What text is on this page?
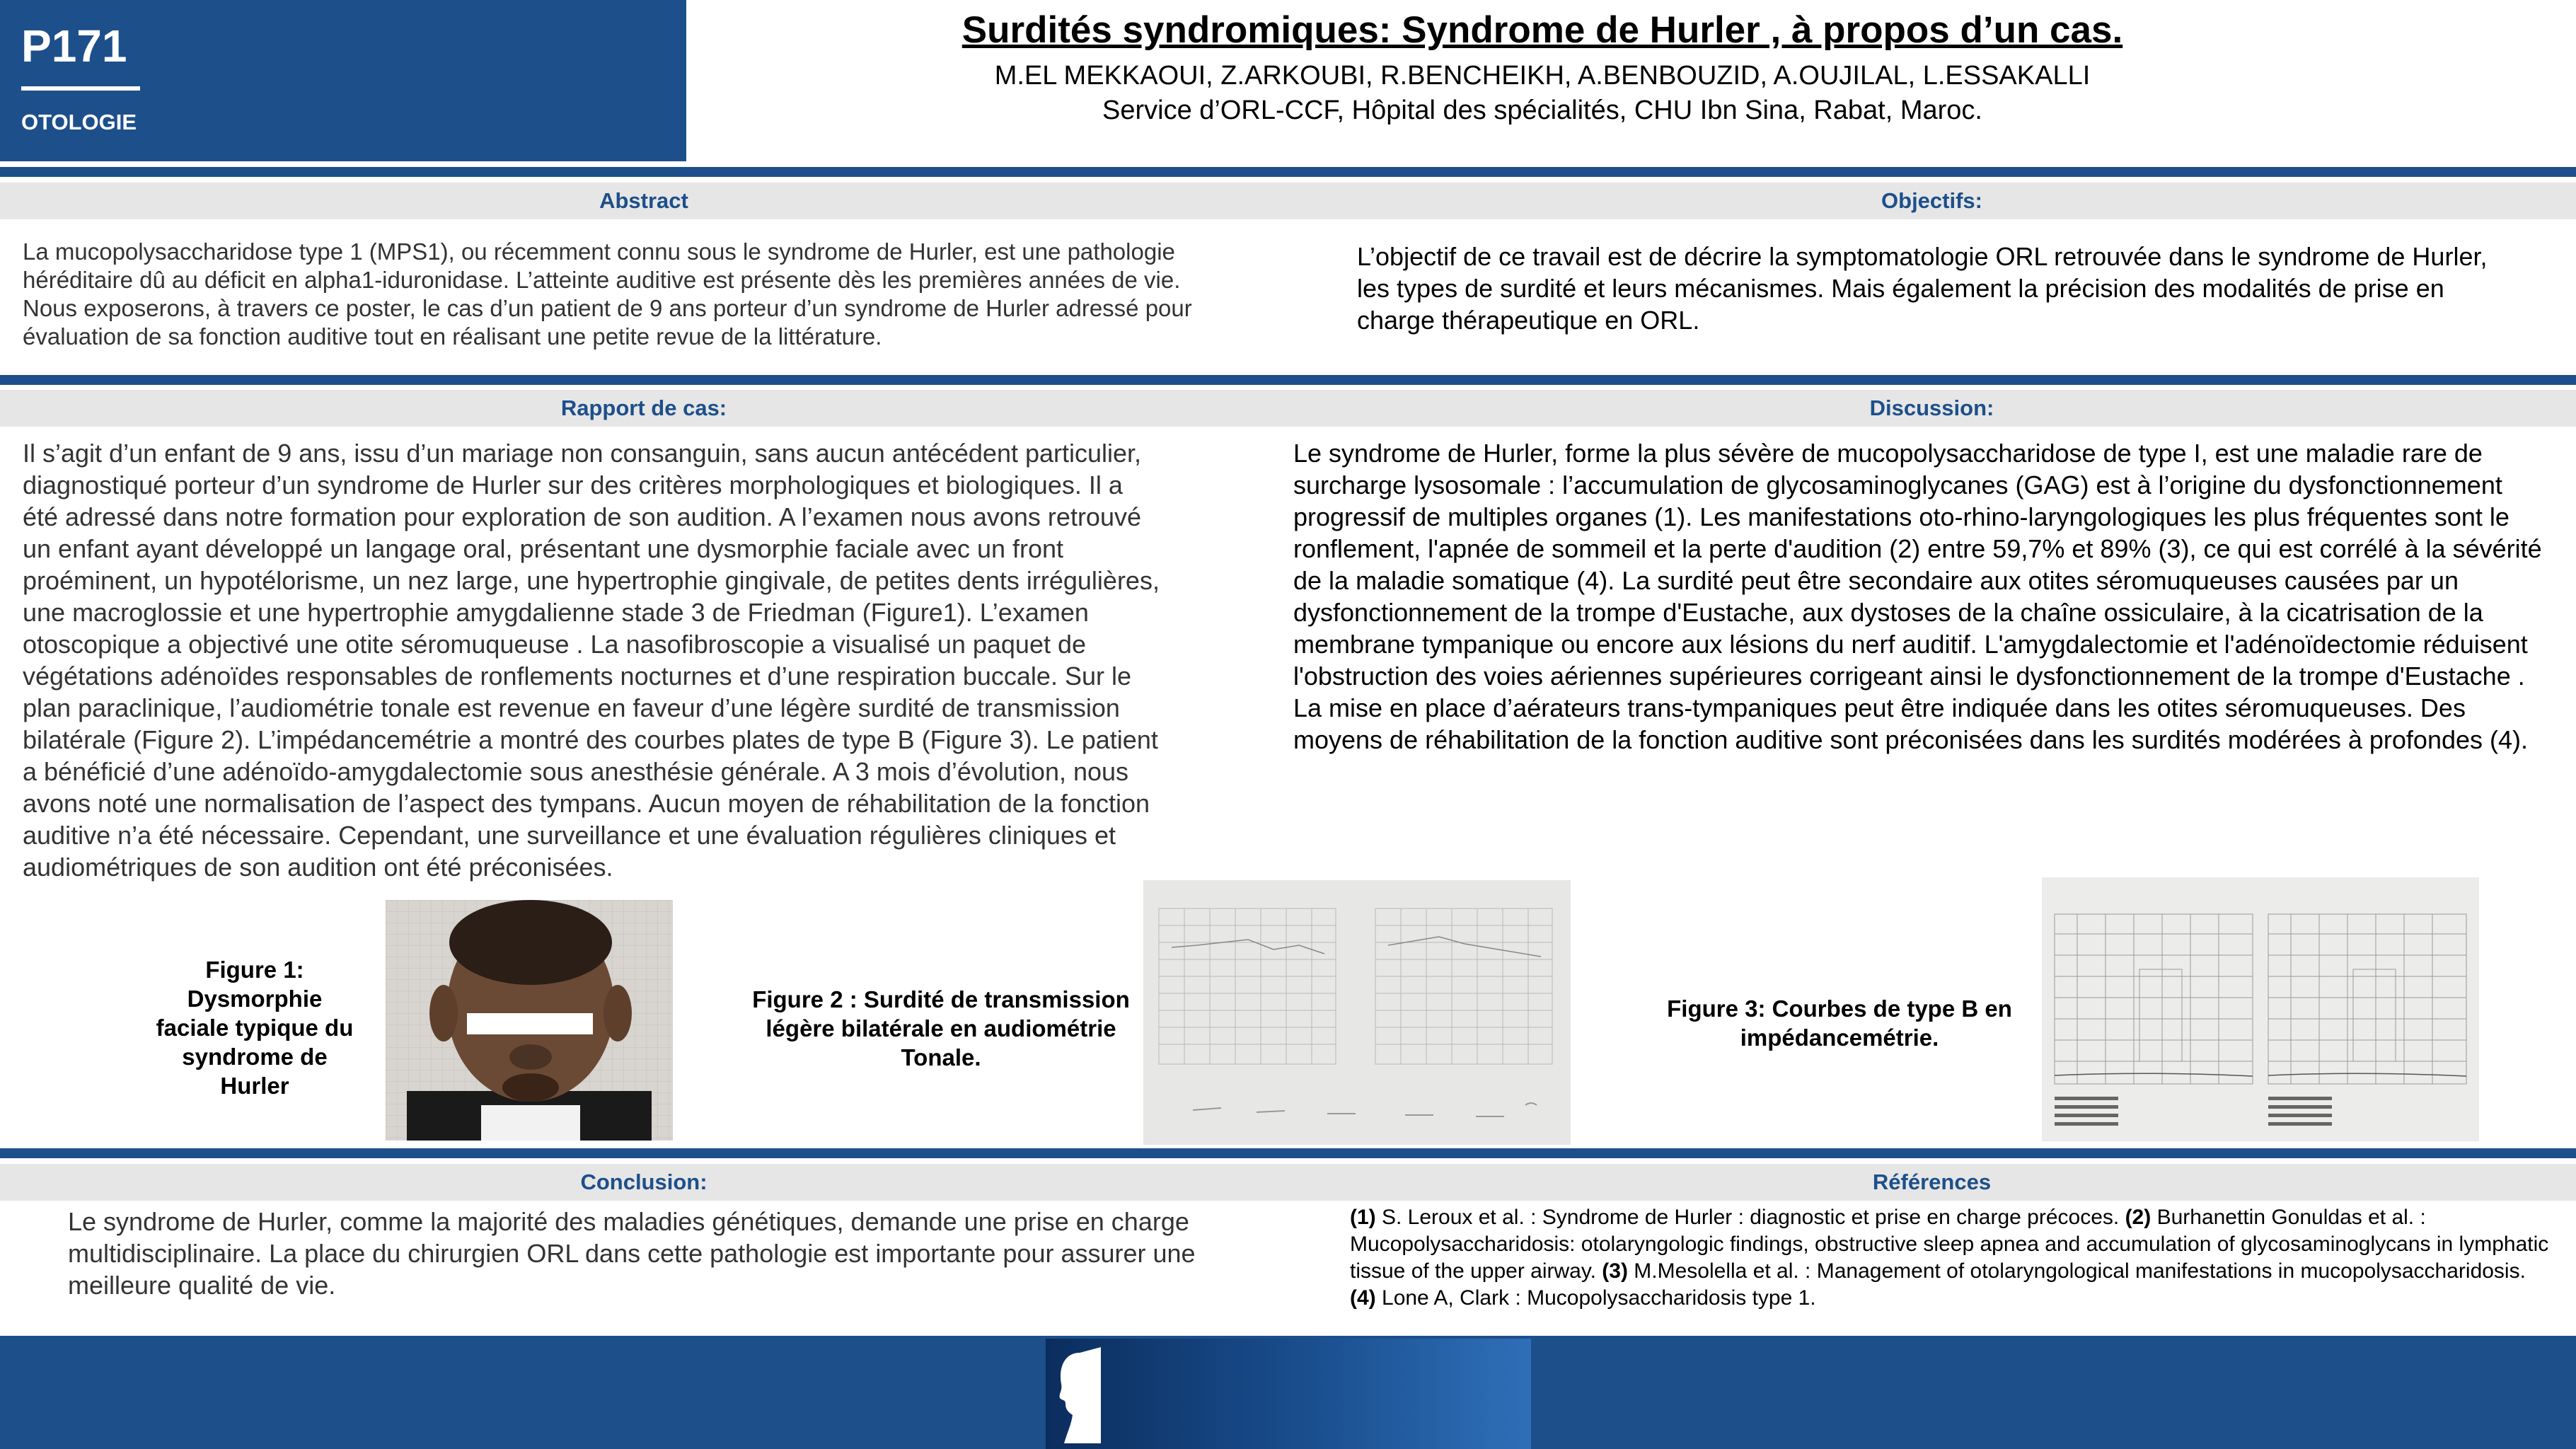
P171
OTOLOGIE
Surdités syndromiques: Syndrome de Hurler , à propos d’un cas.
M.EL MEKKAOUI, Z.ARKOUBI, R.BENCHEIKH, A.BENBOUZID, A.OUJILAL, L.ESSAKALLI
Service d’ORL-CCF, Hôpital des spécialités, CHU Ibn Sina, Rabat, Maroc.
Abstract	Objectifs:
La mucopolysaccharidose type 1 (MPS1), ou récemment connu sous le syndrome de Hurler, est une pathologie héréditaire dû au déficit en alpha1-iduronidase. L’atteinte auditive est présente dès les premières années de vie. Nous exposerons, à travers ce poster, le cas d’un patient de 9 ans porteur d’un syndrome de Hurler adressé pour évaluation de sa fonction auditive tout en réalisant une petite revue de la littérature.
L’objectif de ce travail est de décrire la symptomatologie ORL retrouvée dans le syndrome de Hurler, les types de surdité et leurs mécanismes. Mais également la précision des modalités de prise en charge thérapeutique en ORL.
Rapport de cas:	Discussion:
Il s’agit d’un enfant de 9 ans, issu d’un mariage non consanguin, sans aucun antécédent particulier, diagnostiqué porteur d’un syndrome de Hurler sur des critères morphologiques et biologiques. Il a été adressé dans notre formation pour exploration de son audition. A l’examen nous avons retrouvé un enfant ayant développé un langage oral, présentant une dysmorphie faciale avec un front proéminent, un hypotélorisme, un nez large, une hypertrophie gingivale, de petites dents irrégulières, une macroglossie et une hypertrophie amygdalienne stade 3 de Friedman (Figure1). L’examen otoscopique a objectivé une otite séromuqueuse . La nasofibroscopie a visualisé un paquet de végétations adénoïdes responsables de ronflements nocturnes et d’une respiration buccale. Sur le plan paraclinique, l’audiométrie tonale est revenue en faveur d’une légère surdité de transmission bilatérale (Figure 2). L’impédancemétrie a montré des courbes plates de type B (Figure 3). Le patient a bénéficié d’une adénoïdo-amygdalectomie sous anesthésie générale. A 3 mois d’évolution, nous avons noté une normalisation de l’aspect des tympans. Aucun moyen de réhabilitation de la fonction auditive n’a été nécessaire. Cependant, une surveillance et une évaluation régulières cliniques et audiométriques de son audition ont été préconisées.
Le syndrome de Hurler, forme la plus sévère de mucopolysaccharidose de type I, est une maladie rare de surcharge lysosomale : l’accumulation de glycosaminoglycanes (GAG) est à l’origine du dysfonctionnement progressif de multiples organes (1). Les manifestations oto-rhino-laryngologiques les plus fréquentes sont le ronflement, l'apnée de sommeil et la perte d'audition (2) entre 59,7% et 89% (3), ce qui est corrélé à la sévérité de la maladie somatique (4). La surdité peut être secondaire aux otites séromuqueuses causées par un dysfonctionnement de la trompe d'Eustache, aux dystoses de la chaîne ossiculaire, à la cicatrisation de la membrane tympanique ou encore aux lésions du nerf auditif. L'amygdalectomie et l'adénoïdectomie réduisent l'obstruction des voies aériennes supérieures corrigeant ainsi le dysfonctionnement de la trompe d'Eustache . La mise en place d’aérateurs trans-tympaniques peut être indiquée dans les otites séromuqueuses. Des moyens de réhabilitation de la fonction auditive sont préconisées dans les surdités modérées à profondes (4).
Figure 1: Dysmorphie faciale typique du syndrome de Hurler
Figure 2 : Surdité de transmission légère bilatérale en audiométrie Tonale.
Figure 3: Courbes de type B en impédancemétrie.
Conclusion:	Références
Le syndrome de Hurler, comme la majorité des maladies génétiques, demande une prise en charge multidisciplinaire. La place du chirurgien ORL dans cette pathologie est importante pour assurer une meilleure qualité de vie.
(1) S. Leroux et al. : Syndrome de Hurler : diagnostic et prise en charge précoces. (2) Burhanettin Gonuldas et al. : Mucopolysaccharidosis: otolaryngologic findings, obstructive sleep apnea and accumulation of glycosaminoglycans in lymphatic tissue of the upper airway. (3) M.Mesolella et al. : Management of otolaryngological manifestations in mucopolysaccharidosis. (4) Lone A, Clark : Mucopolysaccharidosis type 1.
